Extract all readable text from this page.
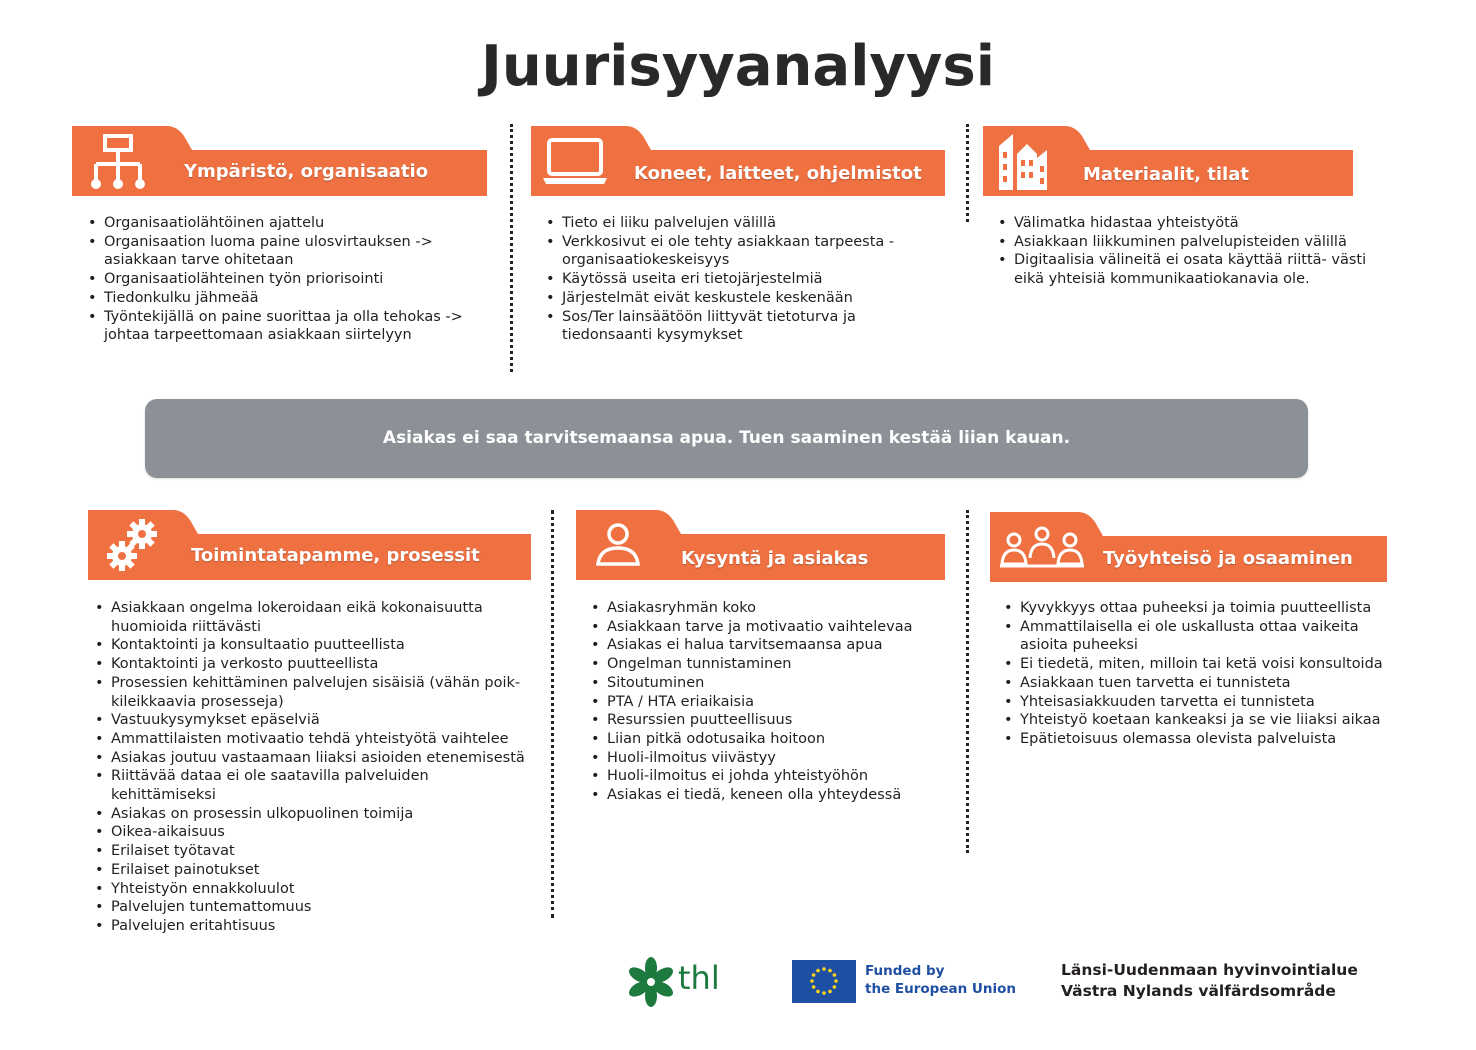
Juurisyyanalyysi
Ympäristö, organisaatio
• Organisaatiolähtöinen ajattelu
• Organisaation luoma paine ulosvirtauksen -> asiakkaan tarve ohitetaan
• Organisaatiolähteinen työn priorisointi
• Tiedonkulku jähmeää
• Työntekijällä on paine suorittaa ja olla tehokas -> johtaa tarpeettomaan asiakkaan siirtelyyn
Koneet, laitteet, ohjelmistot
• Tieto ei liiku palvelujen välillä
• Verkkosivut ei ole tehty asiakkaan tarpeesta - organisaatiokeskeisyys
• Käytössä useita eri tietojärjestelmiä
• Järjestelmät eivät keskustele keskenään
• Sos/Ter lainsäätöön liittyvät tietoturva ja tiedonsaanti kysymykset
Materiaalit, tilat
• Välimatka hidastaa yhteistyötä
• Asiakkaan liikkuminen palvelupisteiden välillä
• Digitaalisia välineitä ei osata käyttää riittä- västi eikä yhteisiä kommunikaatiokanavia ole.
Asiakas ei saa tarvitsemaansa apua. Tuen saaminen kestää liian kauan.
Toimintatapamme, prosessit
• Asiakkaan ongelma lokeroidaan eikä kokonaisuutta huomioida riittävästi
• Kontaktointi ja konsultaatio puutteellista
• Kontaktointi ja verkosto puutteellista
• Prosessien kehittäminen palvelujen sisäisiä (vähän poik- kileikkaavia prosesseja)
• Vastuukysymykset epäselviä
• Ammattilaisten motivaatio tehdä yhteistyötä vaihtelee
• Asiakas joutuu vastaamaan liiaksi asioiden etenemisestä
• Riittävää dataa ei ole saatavilla palveluiden kehittämiseksi
• Asiakas on prosessin ulkopuolinen toimija
• Oikea-aikaisuus
• Erilaiset työtavat
• Erilaiset painotukset
• Yhteistyön ennakkoluulot
• Palvelujen tuntemattomuus
• Palvelujen eritahtisuus
Kysyntä ja asiakas
• Asiakasryhmän koko
• Asiakkaan tarve ja motivaatio vaihtelevaa
• Asiakas ei halua tarvitsemaansa apua
• Ongelman tunnistaminen
• Sitoutuminen
• PTA / HTA eriaikaisia
• Resurssien puutteellisuus
• Liian pitkä odotusaika hoitoon
• Huoli-ilmoitus viivästyy
• Huoli-ilmoitus ei johda yhteistyöhön
• Asiakas ei tiedä, keneen olla yhteydessä
Työyhteisö ja osaaminen
• Kyvykkyys ottaa puheeksi ja toimia puutteellista
• Ammattilaisella ei ole uskallusta ottaa vaikeita asioita puheeksi
• Ei tiedetä, miten, milloin tai ketä voisi konsultoida
• Asiakkaan tuen tarvetta ei tunnisteta
• Yhteisasiakkuuden tarvetta ei tunnisteta
• Yhteistyö koetaan kankeaksi ja se vie liiaksi aikaa
• Epätietoisuus olemassa olevista palveluista
thl	Funded by
the European Union
Länsi-Uudenmaan hyvinvointialue
Västra Nylands välfärdsområde
